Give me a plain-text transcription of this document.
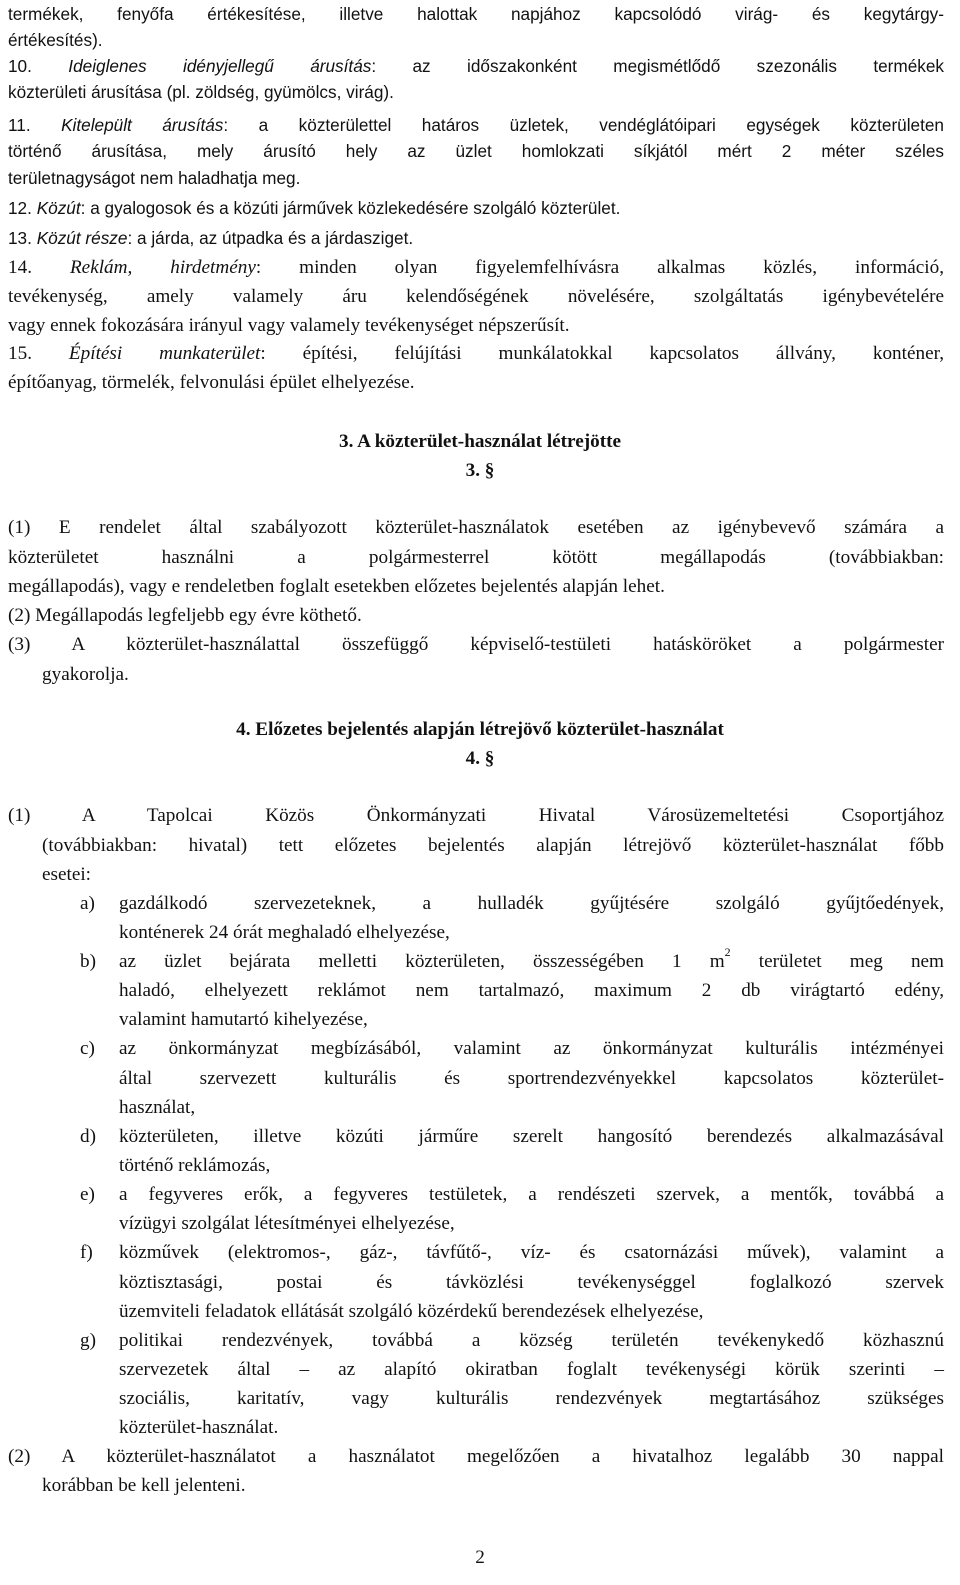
termékek, fenyőfa értékesítése, illetve halottak napjához kapcsolódó virág- és kegytárgy-
értékesítés).
10. Ideiglenes idényjellegű árusítás: az időszakonként megismétlődő szezonális termékek
közterületi árusítása (pl. zöldség, gyümölcs, virág).
11. Kitelepült árusítás: a közterülettel határos üzletek, vendéglátóipari egységek közterületen
történő árusítása, mely árusító hely az üzlet homlokzati síkjától mért 2 méter széles
területnagyságot nem haladhatja meg.
12. Közút: a gyalogosok és a közúti járművek közlekedésére szolgáló közterület.
13. Közút része: a járda, az útpadka és a járdasziget.
14. Reklám, hirdetmény: minden olyan figyelemfelhívásra alkalmas közlés, információ,
tevékenység, amely valamely áru kelendőségének növelésére, szolgáltatás igénybevételére
vagy ennek fokozására irányul vagy valamely tevékenységet népszerűsít.
15. Építési munkaterület: építési, felújítási munkálatokkal kapcsolatos állvány, konténer,
építőanyag, törmelék, felvonulási épület elhelyezése.
3. A közterület-használat létrejötte
3. §
(1) E rendelet által szabályozott közterület-használatok esetében az igénybevevő számára a
közterületet használni a polgármesterrel kötött megállapodás (továbbiakban:
megállapodás), vagy e rendeletben foglalt esetekben előzetes bejelentés alapján lehet.
(2) Megállapodás legfeljebb egy évre köthető.
(3) A közterület-használattal összefüggő képviselő-testületi hatásköröket a polgármester
gyakorolja.
4. Előzetes bejelentés alapján létrejövő közterület-használat
4. §
(1) A Tapolcai Közös Önkormányzati Hivatal Városüzemeltetési Csoportjához
(továbbiakban: hivatal) tett előzetes bejelentés alapján létrejövő közterület-használat főbb
esetei:
a) gazdálkodó szervezeteknek, a hulladék gyűjtésére szolgáló gyűjtőedények,
konténerek 24 órát meghaladó elhelyezése,
b) az üzlet bejárata melletti közterületen, összességében 1 $m^2$ területet meg nem
haladó, elhelyezett reklámot nem tartalmazó, maximum 2 db virágtartó edény,
valamint hamutartó kihelyezése,
c) az önkormányzat megbízásából, valamint az önkormányzat kulturális intézményei
által szervezett kulturális és sportrendezvényekkel kapcsolatos közterület-
használat,
d) közterületen, illetve közúti járműre szerelt hangosító berendezés alkalmazásával
történő reklámozás,
e) a fegyveres erők, a fegyveres testületek, a rendészeti szervek, a mentők, továbbá a
vízügyi szolgálat létesítményei elhelyezése,
f) közművek (elektromos-, gáz-, távfűtő-, víz- és csatornázási művek), valamint a
köztisztasági, postai és távközlési tevékenységgel foglalkozó szervek
üzemviteli feladatok ellátását szolgáló közérdekű berendezések elhelyezése,
g) politikai rendezvények, továbbá a község területén tevékenykedő közhasznú
szervezetek által – az alapító okiratban foglalt tevékenységi körük szerinti –
szociális, karitatív, vagy kulturális rendezvények megtartásához szükséges
közterület-használat.
(2) A közterület-használatot a használatot megelőzően a hivatalhoz legalább 30 nappal
korábban be kell jelenteni.
2
